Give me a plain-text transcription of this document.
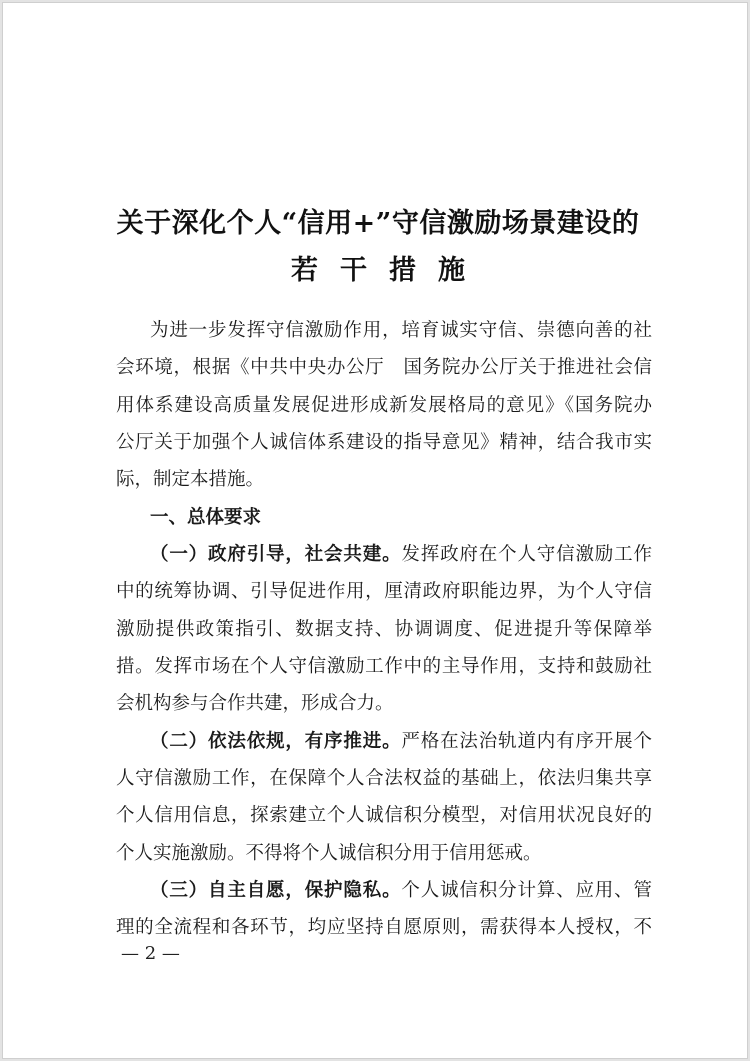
关于深化个人“信用+”守信激励场景建设的
若干措施
为进一步发挥守信激励作用，培育诚实守信、崇德向善的社
会环境，根据《中共中央办公厅　国务院办公厅关于推进社会信
用体系建设高质量发展促进形成新发展格局的意见》《国务院办
公厅关于加强个人诚信体系建设的指导意见》精神，结合我市实
际，制定本措施。
一、总体要求
（一）政府引导，社会共建。发挥政府在个人守信激励工作
中的统筹协调、引导促进作用，厘清政府职能边界，为个人守信
激励提供政策指引、数据支持、协调调度、促进提升等保障举
措。发挥市场在个人守信激励工作中的主导作用，支持和鼓励社
会机构参与合作共建，形成合力。
（二）依法依规，有序推进。严格在法治轨道内有序开展个
人守信激励工作，在保障个人合法权益的基础上，依法归集共享
个人信用信息，探索建立个人诚信积分模型，对信用状况良好的
个人实施激励。不得将个人诚信积分用于信用惩戒。
（三）自主自愿，保护隐私。个人诚信积分计算、应用、管
理的全流程和各环节，均应坚持自愿原则，需获得本人授权，不
— 2 —
